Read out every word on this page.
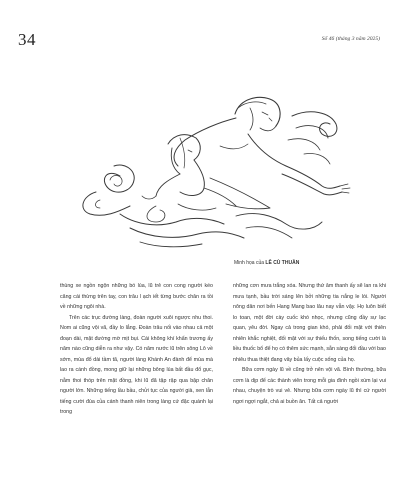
34	Số 46 (tháng 3 năm 2025)
Minh họa của LÊ CÙ THUẦN

thùng xe ngồn ngộn những bó lúa, lũ trẻ con cong người kéo căng cái thừng trên tay, con trâu l ạch iết từng bước chân ra tồi về những ngôi nhà.

Trên các trục đường làng, đoàn người xuôi ngược nhu thoi. Nom ai cũng vội vã, đầy lo lắng. Đoàn trâu nối vào nhau cả một đoạn dài, mặt đường mờ mịt bụi. Cái không khí khẩn trương ấy năm nào cũng diễn ra như vậy. Có năm nước lũ trên sông Lô về sớm, mùa đổ dài tầm tã, người làng Khánh An đành để mùa mà lao ra cánh đồng, mong giữ lại những bông lúa bất đầu đổ gục, nằm thoi thóp trên mặt đồng, khi lũ đã tập rập qua bập chân người lớn. Những tiếng lầu bầu, chửi tục của người già, xen lẫn tiếng cười đùa của cánh thanh niên trong làng cứ đặc quánh lại trong

những cơn mưa trắng xóa. Nhưng thứ âm thanh ấy sẽ lan ra khi mưa tạnh, bầu trời sáng lên bởi những tia nắng le lói. Người nông dân nơi bến Hang Mang bao lâu nay vẫn vậy. Họ luôn biết lo toan, một đời cày cuốc khó nhọc, nhưng cũng đầy sự lạc quan, yêu đời. Ngay cả trong gian khó, phải đối mặt với thiên nhiên khắc nghiệt, đối mặt với sự thiếu thốn, song tiếng cười là liều thuốc bổ để họ có thêm sức mạnh, sẵn sàng đối đầu với bao nhiêu thua thiệt đang vây bủa lấy cuộc sống của họ.

Bữa cơm ngày lũ về cũng trở nên vội vã. Bình thường, bữa cơm là dịp để các thành viên trong mỗi gia đình ngồi xúm lại vui nhau, chuyện trò vui vẻ. Nhưng bữa cơm ngày lũ thì cứ người ngơi ngợi ngắt, chả ai buồn ăn. Tất cả người
